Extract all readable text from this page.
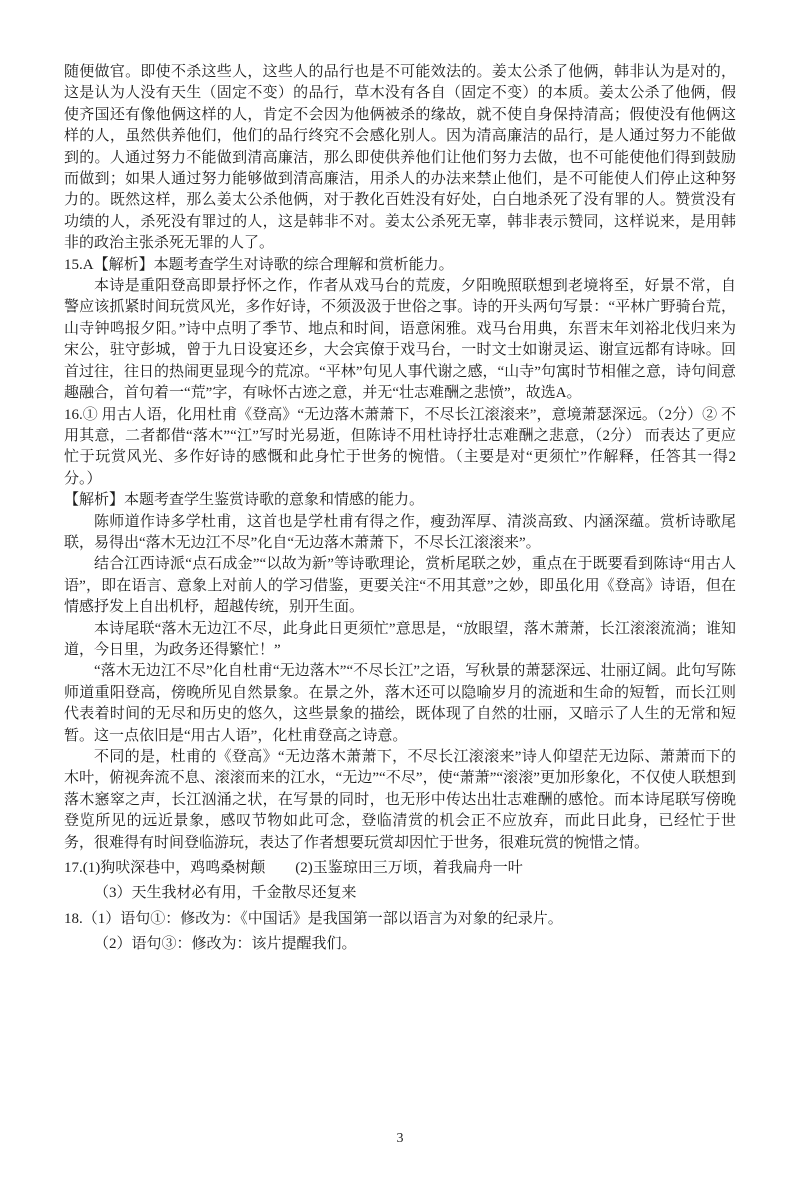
随便做官。即使不杀这些人，这些人的品行也是不可能效法的。姜太公杀了他俩，韩非认为是对的，这是认为人没有天生（固定不变）的品行，草木没有各自（固定不变）的本质。姜太公杀了他俩，假使齐国还有像他俩这样的人，肯定不会因为他俩被杀的缘故，就不使自身保持清高；假使没有他俩这样的人，虽然供养他们，他们的品行终究不会感化别人。因为清高廉洁的品行，是人通过努力不能做到的。人通过努力不能做到清高廉洁，那么即使供养他们让他们努力去做，也不可能使他们得到鼓励而做到；如果人通过努力能够做到清高廉洁，用杀人的办法来禁止他们，是不可能使人们停止这种努力的。既然这样，那么姜太公杀他俩，对于教化百姓没有好处，白白地杀死了没有罪的人。赞赏没有功绩的人，杀死没有罪过的人，这是韩非不对。姜太公杀死无辜，韩非表示赞同，这样说来，是用韩非的政治主张杀死无罪的人了。

15.A【解析】本题考查学生对诗歌的综合理解和赏析能力。

本诗是重阳登高即景抒怀之作，作者从戏马台的荒废，夕阳晚照联想到老境将至，好景不常，自警应该抓紧时间玩赏风光，多作好诗，不须汲汲于世俗之事。诗的开头两句写景：“平林广野骑台荒，山寺钟鸣报夕阳。”诗中点明了季节、地点和时间，语意闲雅。戏马台用典，东晋末年刘裕北伐归来为宋公，驻守彭城，曾于九日设宴还乡，大会宾僚于戏马台，一时文士如谢灵运、谢宣远都有诗咏。回首过往，往日的热闹更显现今的荒凉。“平林”句见人事代谢之感，“山寺”句寓时节相催之意，诗句间意趣融合，首句着一“荒”字，有咏怀古迹之意，并无“壮志难酬之悲愤”，故选A。

16.① 用古人语，化用杜甫《登高》“无边落木萧萧下，不尽长江滚滚来”，意境萧瑟深远。（2分）② 不用其意，二者都借“落木”“江”写时光易逝，但陈诗不用杜诗抒壮志难酬之悲意，（2分） 而表达了更应忙于玩赏风光、多作好诗的感慨和此身忙于世务的惋惜。（主要是对“更须忙”作解释，任答其一得2分。）

【解析】本题考查学生鉴赏诗歌的意象和情感的能力。

陈师道作诗多学杜甫，这首也是学杜甫有得之作，瘦劲浑厚、清淡高致、内涵深蕴。赏析诗歌尾联，易得出“落木无边江不尽”化自“无边落木萧萧下，不尽长江滚滚来”。

结合江西诗派“点石成金”“以故为新”等诗歌理论，赏析尾联之妙，重点在于既要看到陈诗“用古人语”，即在语言、意象上对前人的学习借鉴，更要关注“不用其意”之妙，即虽化用《登高》诗语，但在情感抒发上自出机杼，超越传统，别开生面。

本诗尾联“落木无边江不尽，此身此日更须忙”意思是，“放眼望，落木萧萧，长江滚滚流淌；谁知道，今日里，为政务还得繁忙！”

“落木无边江不尽”化自杜甫“无边落木”“不尽长江”之语，写秋景的萧瑟深远、壮丽辽阔。此句写陈师道重阳登高，傍晚所见自然景象。在景之外，落木还可以隐喻岁月的流逝和生命的短暂，而长江则代表着时间的无尽和历史的悠久，这些景象的描绘，既体现了自然的壮丽，又暗示了人生的无常和短暂。这一点依旧是“用古人语”，化杜甫登高之诗意。

不同的是，杜甫的《登高》“无边落木萧萧下，不尽长江滚滚来”诗人仰望茫无边际、萧萧而下的木叶，俯视奔流不息、滚滚而来的江水，“无边”“不尽”，使“萧萧”“滚滚”更加形象化，不仅使人联想到落木窸窣之声，长江汹涌之状，在写景的同时，也无形中传达出壮志难酬的感怆。而本诗尾联写傍晚登览所见的远近景象，感叹节物如此可念，登临清赏的机会正不应放弃，而此日此身，已经忙于世务，很难得有时间登临游玩，表达了作者想要玩赏却因忙于世务，很难玩赏的惋惜之情。

17.(1)狗吠深巷中，鸡鸣桑树颠　　(2)玉鉴琼田三万顷，着我扁舟一叶

（3）天生我材必有用，千金散尽还复来

18.（1）语句①：修改为：《中国话》是我国第一部以语言为对象的纪录片。

（2）语句③：修改为：该片提醒我们。

3
